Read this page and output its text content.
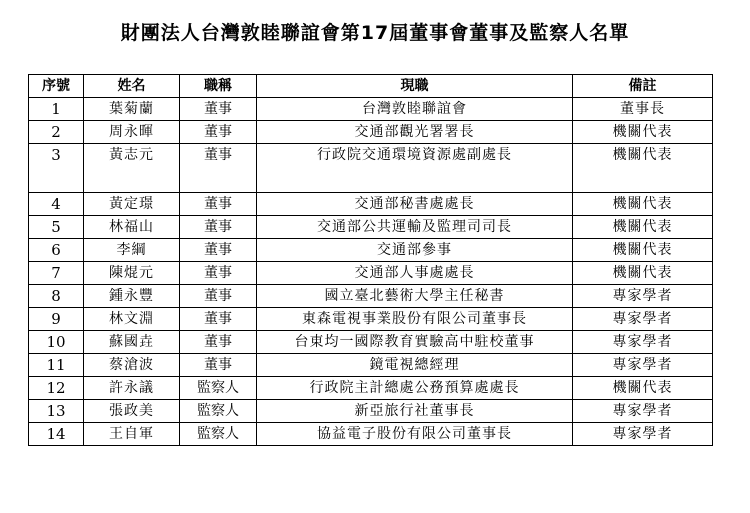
財團法人台灣敦睦聯誼會第17屆董事會董事及監察人名單
序號	姓名	職稱	現職	備註
1	葉菊蘭	董事	台灣敦睦聯誼會	董事長
2	周永暉	董事	交通部觀光署署長	機關代表
3	黃志元	董事	行政院交通環境資源處副處長	機關代表
4	黃定璟	董事	交通部秘書處處長	機關代表
5	林福山	董事	交通部公共運輸及監理司司長	機關代表
6	李綱	董事	交通部參事	機關代表
7	陳焜元	董事	交通部人事處處長	機關代表
8	鍾永豐	董事	國立臺北藝術大學主任秘書	專家學者
9	林文淵	董事	東森電視事業股份有限公司董事長	專家學者
10	蘇國垚	董事	台東均一國際教育實驗高中駐校董事	專家學者
11	蔡滄波	董事	鏡電視總經理	專家學者
12	許永議	監察人	行政院主計總處公務預算處處長	機關代表
13	張政美	監察人	新亞旅行社董事長	專家學者
14	王自軍	監察人	協益電子股份有限公司董事長	專家學者
